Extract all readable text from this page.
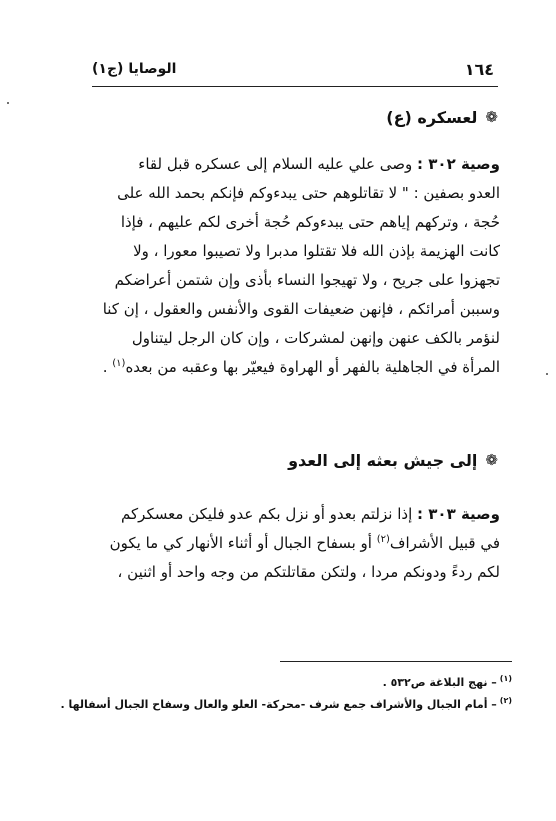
١٦٤
الوصايا (ج١)
❁
لعسكره (ع)
وصية ٣٠٢ : وصى علي عليه السلام إلى عسكره قبل لقاء
العدو بصفين : " لا تقاتلوهم حتى يبدءوكم فإنكم بحمد الله على
حُجة ، وتركهم إياهم حتى يبدءوكم حُجة أخرى لكم عليهم ، فإذا
كانت الهزيمة بإذن الله فلا تقتلوا مدبرا ولا تصيبوا معورا ، ولا
تجهزوا على جريح ، ولا تهيجوا النساء بأذى وإن شتمن أعراضكم
وسببن أمرائكم ، فإنهن ضعيفات القوى والأنفس والعقول ، إن كنا
لنؤمر بالكف عنهن وإنهن لمشركات ، وإن كان الرجل ليتناول
المرأة في الجاهلية بالفهر أو الهراوة فيعيّر بها وعقبه من بعده$^{(١)}$ .
❁
إلى جيش بعثه إلى العدو
وصية ٣٠٣ : إذا نزلتم بعدو أو نزل بكم عدو فليكن معسكركم
في قبيل الأشراف$^{(٢)}$ أو بسفاح الجبال أو أثناء الأنهار كي ما يكون
لكم ردءً ودونكم مردا ، ولتكن مقاتلتكم من وجه واحد أو اثنين ،
$^{(١)}$– نهج البلاغة ص٥٣٢ .
$^{(٢)}$– أمام الجبال والأشراف جمع شرف -محركة- العلو والعال وسفاح الجبال أسفالها .
